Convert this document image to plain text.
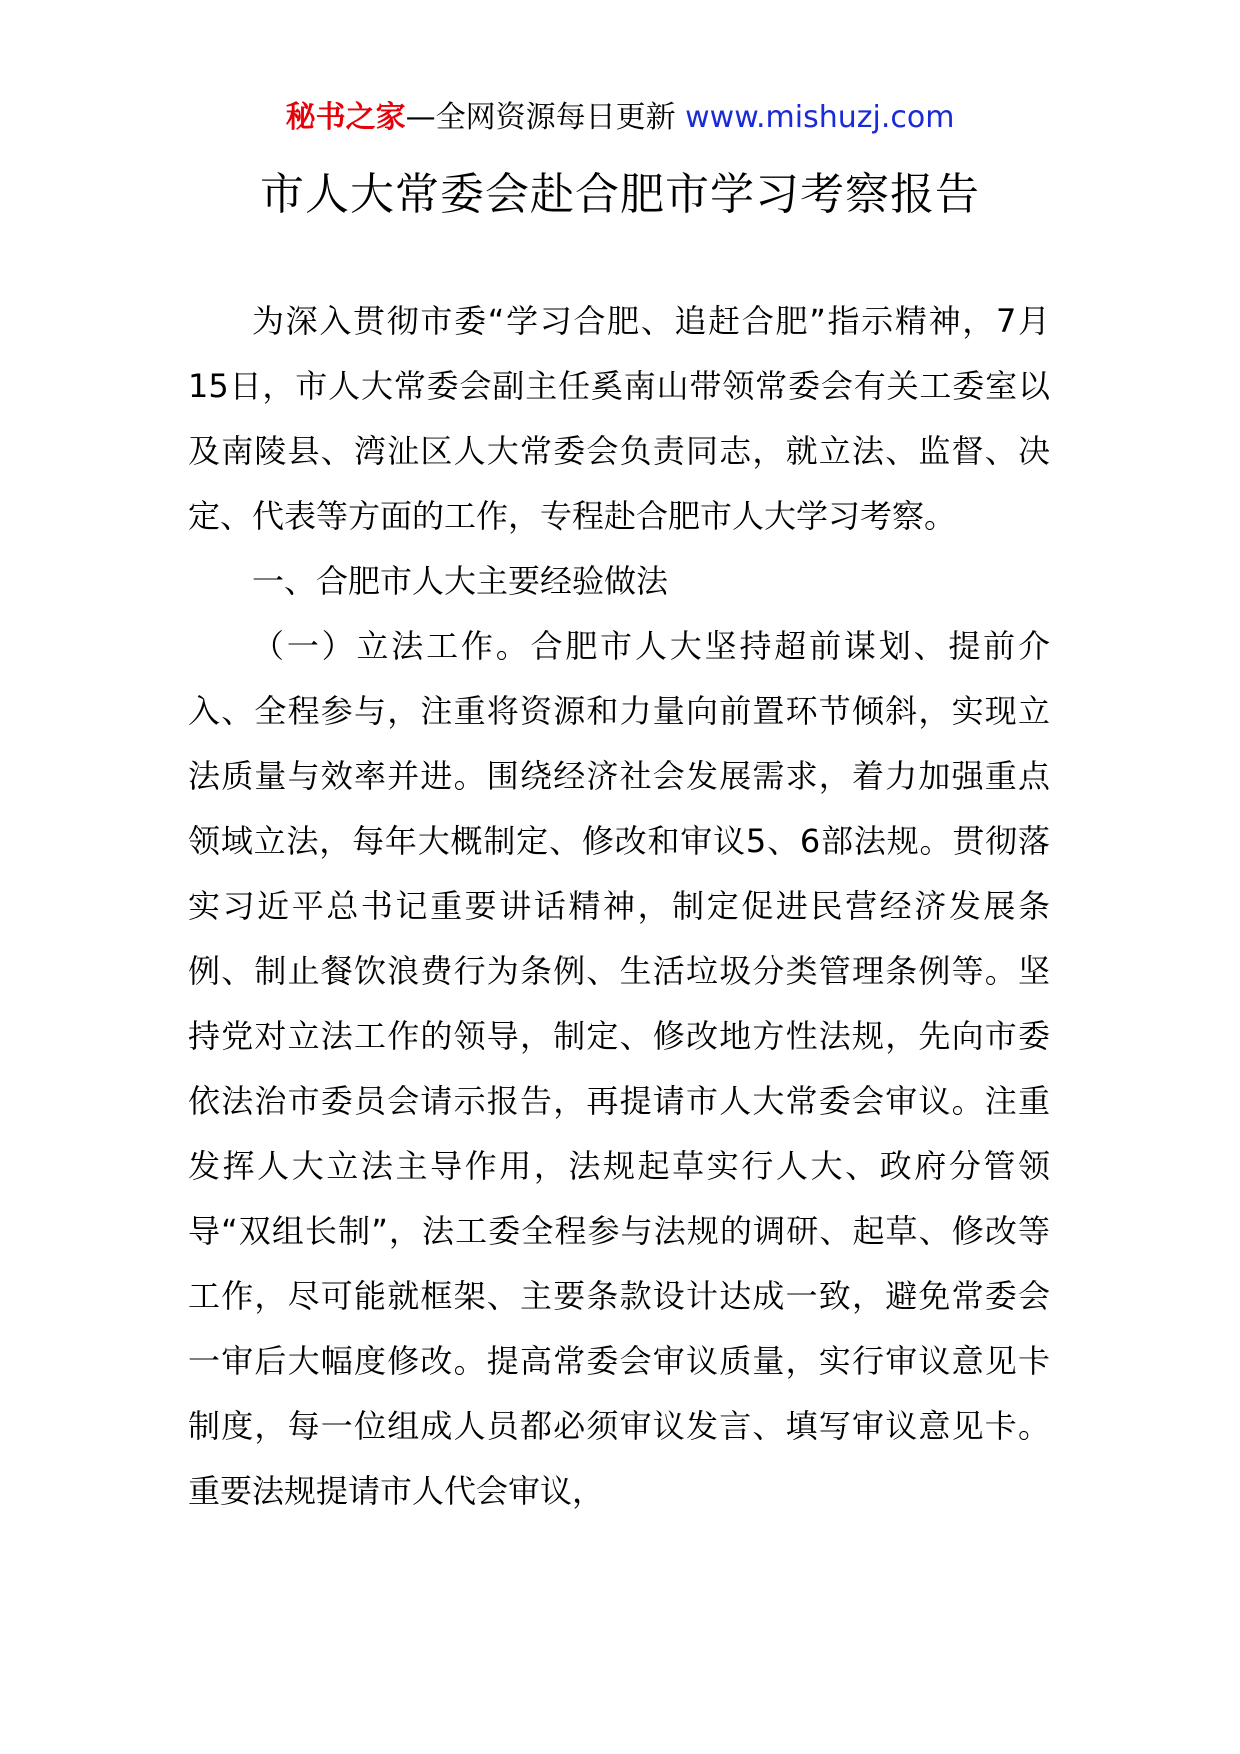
秘书之家—全网资源每日更新 www.mishuzj.com
市人大常委会赴合肥市学习考察报告

为深入贯彻市委“学习合肥、追赶合肥”指示精神，7月15日，市人大常委会副主任奚南山带领常委会有关工委室以及南陵县、湾沚区人大常委会负责同志，就立法、监督、决定、代表等方面的工作，专程赴合肥市人大学习考察。

一、合肥市人大主要经验做法

（一）立法工作。合肥市人大坚持超前谋划、提前介入、全程参与，注重将资源和力量向前置环节倾斜，实现立法质量与效率并进。围绕经济社会发展需求，着力加强重点领域立法，每年大概制定、修改和审议5、6部法规。贯彻落实习近平总书记重要讲话精神，制定促进民营经济发展条例、制止餐饮浪费行为条例、生活垃圾分类管理条例等。坚持党对立法工作的领导，制定、修改地方性法规，先向市委依法治市委员会请示报告，再提请市人大常委会审议。注重发挥人大立法主导作用，法规起草实行人大、政府分管领导“双组长制”，法工委全程参与法规的调研、起草、修改等工作，尽可能就框架、主要条款设计达成一致，避免常委会一审后大幅度修改。提高常委会审议质量，实行审议意见卡制度，每一位组成人员都必须审议发言、填写审议意见卡。重要法规提请市人代会审议，
